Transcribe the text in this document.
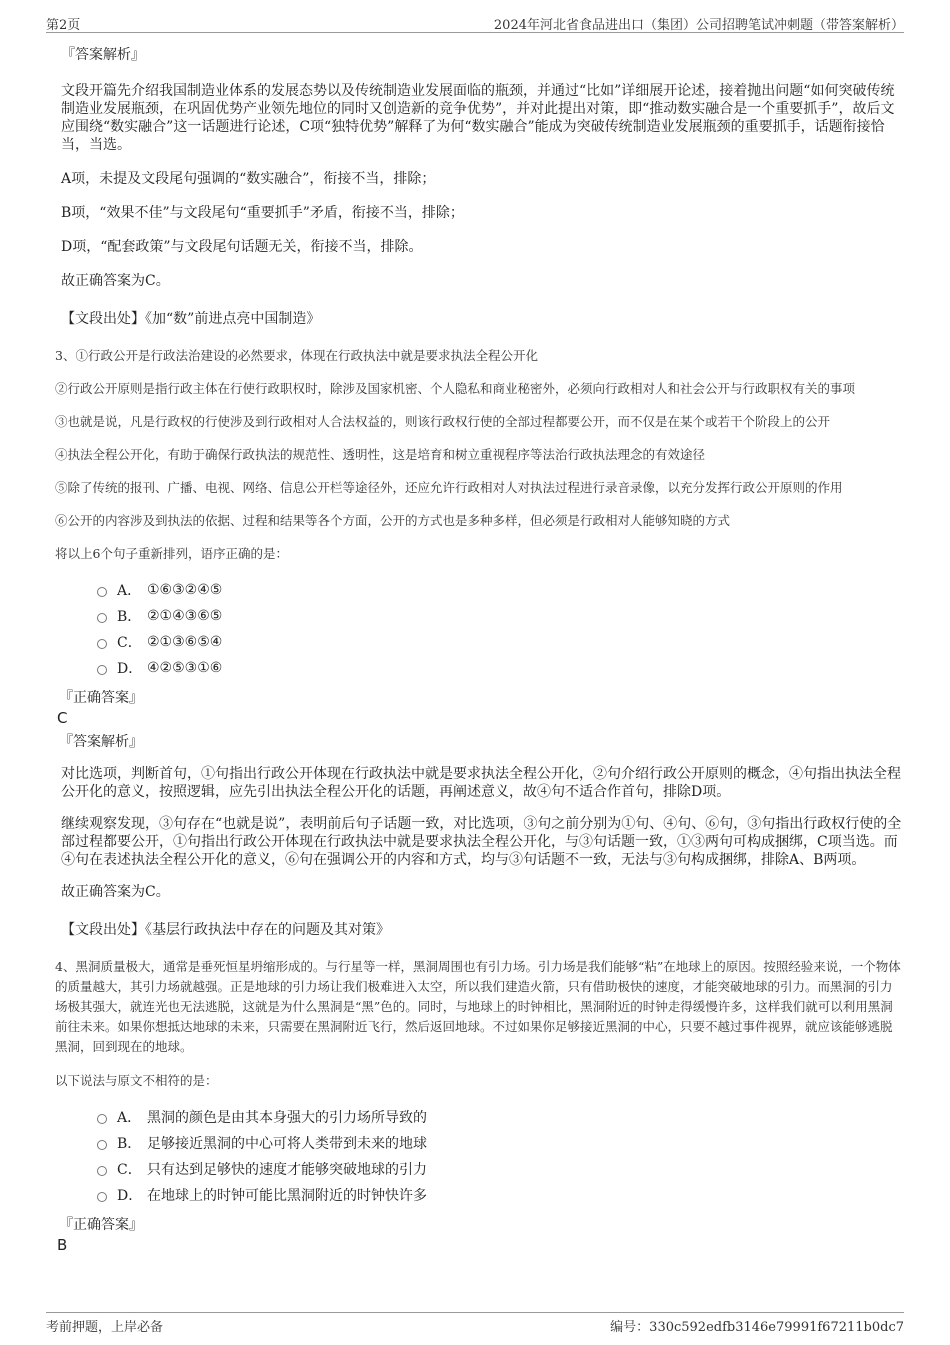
第2页	2024年河北省食品进出口（集团）公司招聘笔试冲刺题（带答案解析）
『答案解析』
文段开篇先介绍我国制造业体系的发展态势以及传统制造业发展面临的瓶颈，并通过“比如”详细展开论述，接着抛出问题“如何突破传统制造业发展瓶颈，在巩固优势产业领先地位的同时又创造新的竞争优势”，并对此提出对策，即“推动数实融合是一个重要抓手”，故后文应围绕“数实融合”这一话题进行论述，C项“独特优势”解释了为何“数实融合”能成为突破传统制造业发展瓶颈的重要抓手，话题衔接恰当，当选。
A项，未提及文段尾句强调的“数实融合”，衔接不当，排除；
B项，“效果不佳”与文段尾句“重要抓手”矛盾，衔接不当，排除；
D项，“配套政策”与文段尾句话题无关，衔接不当，排除。
故正确答案为C。
【文段出处】《加“数”前进点亮中国制造》
3、①行政公开是行政法治建设的必然要求，体现在行政执法中就是要求执法全程公开化
②行政公开原则是指行政主体在行使行政职权时，除涉及国家机密、个人隐私和商业秘密外，必须向行政相对人和社会公开与行政职权有关的事项
③也就是说，凡是行政权的行使涉及到行政相对人合法权益的，则该行政权行使的全部过程都要公开，而不仅是在某个或若干个阶段上的公开
④执法全程公开化，有助于确保行政执法的规范性、透明性，这是培育和树立重视程序等法治行政执法理念的有效途径
⑤除了传统的报刊、广播、电视、网络、信息公开栏等途径外，还应允许行政相对人对执法过程进行录音录像，以充分发挥行政公开原则的作用
⑥公开的内容涉及到执法的依据、过程和结果等各个方面，公开的方式也是多种多样，但必须是行政相对人能够知晓的方式
将以上6个句子重新排列，语序正确的是：
A． ①⑥③②④⑤
B． ②①④③⑥⑤
C． ②①③⑥⑤④
D． ④②⑤③①⑥
『正确答案』
C
『答案解析』
对比选项，判断首句，①句指出行政公开体现在行政执法中就是要求执法全程公开化，②句介绍行政公开原则的概念，④句指出执法全程公开化的意义，按照逻辑，应先引出执法全程公开化的话题，再阐述意义，故④句不适合作首句，排除D项。
继续观察发现，③句存在“也就是说”，表明前后句子话题一致，对比选项，③句之前分别为①句、④句、⑥句，③句指出行政权行使的全部过程都要公开，①句指出行政公开体现在行政执法中就是要求执法全程公开化，与③句话题一致，①③两句可构成捆绑，C项当选。而④句在表述执法全程公开化的意义，⑥句在强调公开的内容和方式，均与③句话题不一致，无法与③句构成捆绑，排除A、B两项。
故正确答案为C。
【文段出处】《基层行政执法中存在的问题及其对策》
4、黑洞质量极大，通常是垂死恒星坍缩形成的。与行星等一样，黑洞周围也有引力场。引力场是我们能够“粘”在地球上的原因。按照经验来说，一个物体的质量越大，其引力场就越强。正是地球的引力场让我们极难进入太空，所以我们建造火箭，只有借助极快的速度，才能突破地球的引力。而黑洞的引力场极其强大，就连光也无法逃脱，这就是为什么黑洞是“黑”色的。同时，与地球上的时钟相比，黑洞附近的时钟走得缓慢许多，这样我们就可以利用黑洞前往未来。如果你想抵达地球的未来，只需要在黑洞附近飞行，然后返回地球。不过如果你足够接近黑洞的中心，只要不越过事件视界，就应该能够逃脱黑洞，回到现在的地球。
以下说法与原文不相符的是：
A． 黑洞的颜色是由其本身强大的引力场所导致的
B． 足够接近黑洞的中心可将人类带到未来的地球
C． 只有达到足够快的速度才能够突破地球的引力
D． 在地球上的时钟可能比黑洞附近的时钟快许多
『正确答案』
B
考前押题，上岸必备	编号：330c592edfb3146e79991f67211b0dc7
